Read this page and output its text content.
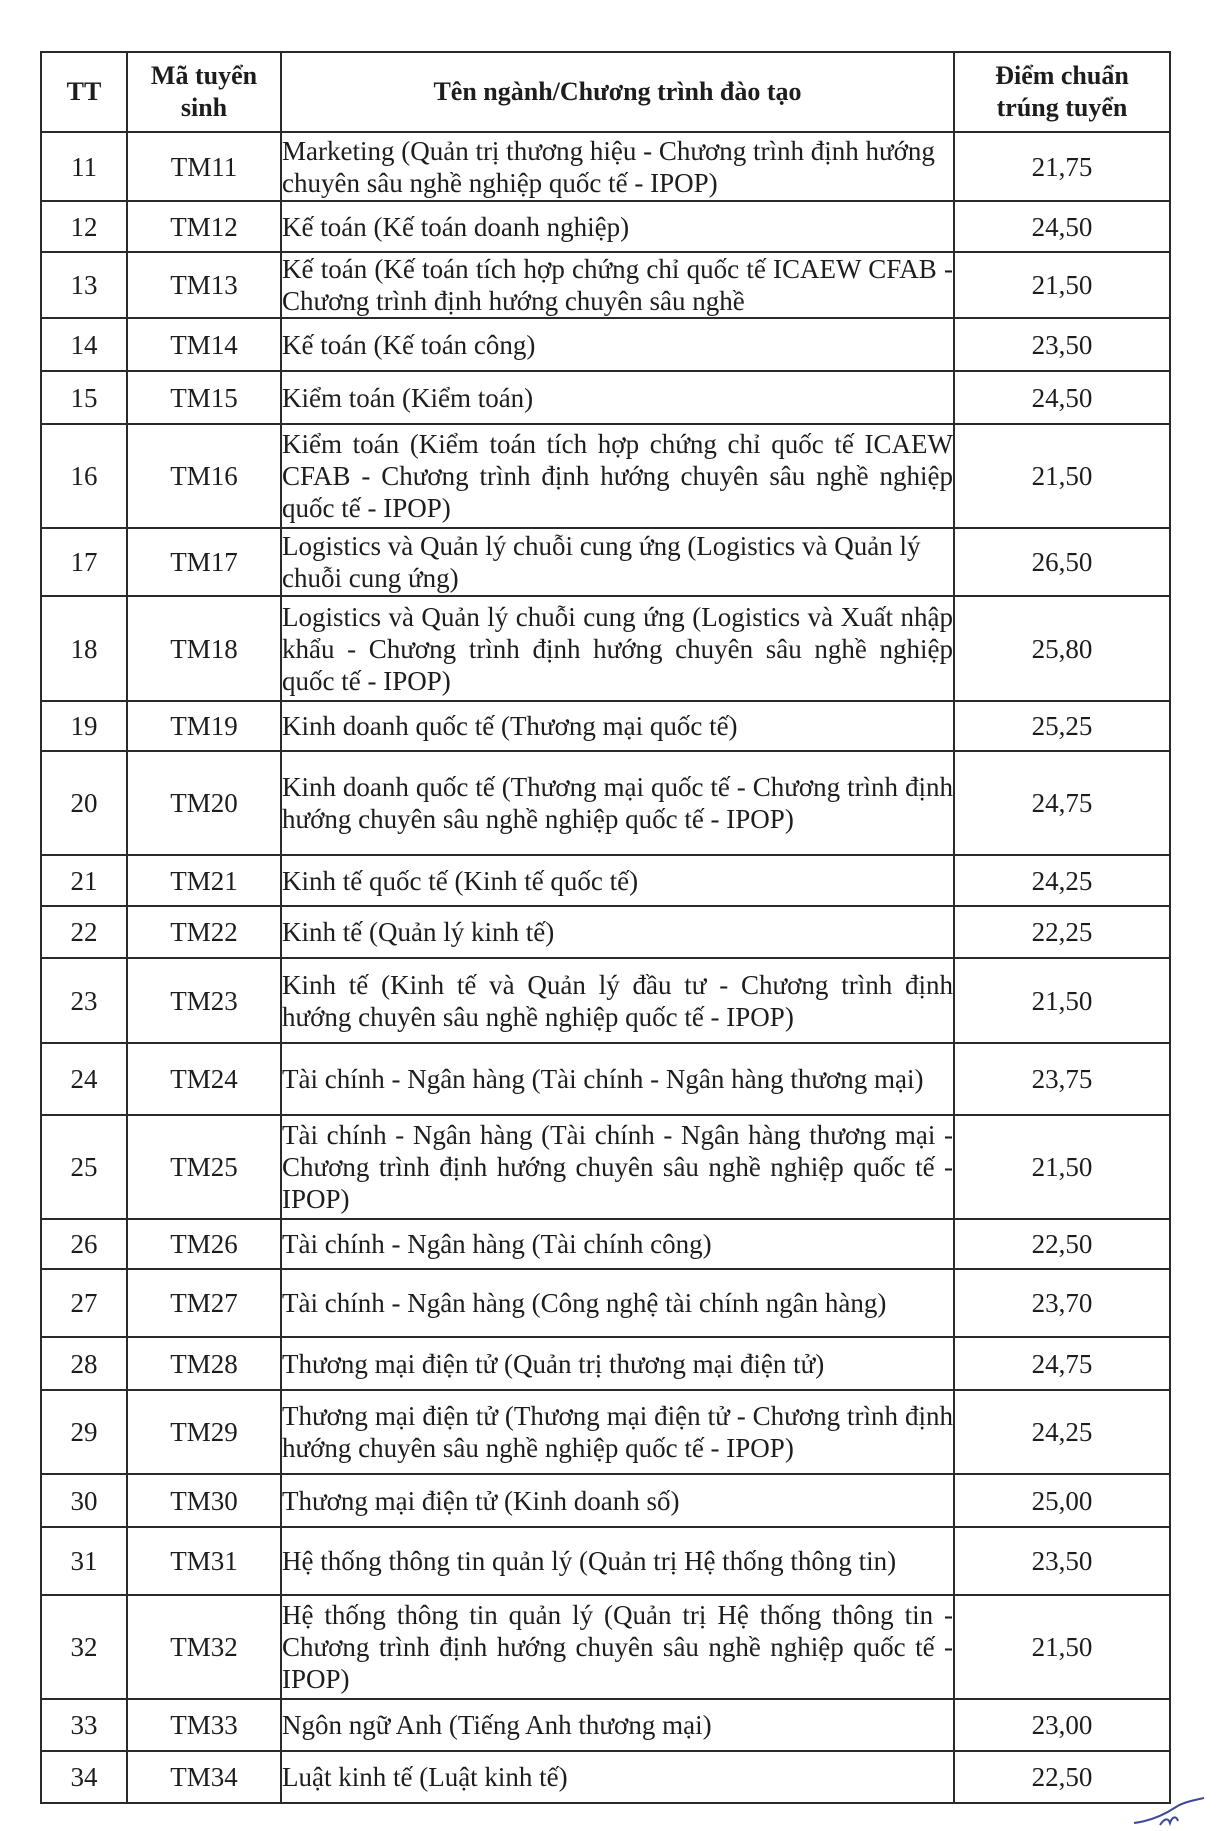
TT	Mã tuyển sinh	Tên ngành/Chương trình đào tạo	Điểm chuẩn trúng tuyển
11	TM11	Marketing (Quản trị thương hiệu - Chương trình định hướng chuyên sâu nghề nghiệp quốc tế - IPOP)	21,75
12	TM12	Kế toán (Kế toán doanh nghiệp)	24,50
13	TM13	Kế toán (Kế toán tích hợp chứng chỉ quốc tế ICAEW CFAB - Chương trình định hướng chuyên sâu nghề	21,50
14	TM14	Kế toán (Kế toán công)	23,50
15	TM15	Kiểm toán (Kiểm toán)	24,50
16	TM16	Kiểm toán (Kiểm toán tích hợp chứng chỉ quốc tế ICAEW CFAB - Chương trình định hướng chuyên sâu nghề nghiệp quốc tế - IPOP)	21,50
17	TM17	Logistics và Quản lý chuỗi cung ứng (Logistics và Quản lý chuỗi cung ứng)	26,50
18	TM18	Logistics và Quản lý chuỗi cung ứng (Logistics và Xuất nhập khẩu - Chương trình định hướng chuyên sâu nghề nghiệp quốc tế - IPOP)	25,80
19	TM19	Kinh doanh quốc tế (Thương mại quốc tế)	25,25
20	TM20	Kinh doanh quốc tế (Thương mại quốc tế - Chương trình định hướng chuyên sâu nghề nghiệp quốc tế - IPOP)	24,75
21	TM21	Kinh tế quốc tế (Kinh tế quốc tế)	24,25
22	TM22	Kinh tế (Quản lý kinh tế)	22,25
23	TM23	Kinh tế (Kinh tế và Quản lý đầu tư - Chương trình định hướng chuyên sâu nghề nghiệp quốc tế - IPOP)	21,50
24	TM24	Tài chính - Ngân hàng (Tài chính - Ngân hàng thương mại)	23,75
25	TM25	Tài chính - Ngân hàng (Tài chính - Ngân hàng thương mại - Chương trình định hướng chuyên sâu nghề nghiệp quốc tế - IPOP)	21,50
26	TM26	Tài chính - Ngân hàng (Tài chính công)	22,50
27	TM27	Tài chính - Ngân hàng (Công nghệ tài chính ngân hàng)	23,70
28	TM28	Thương mại điện tử (Quản trị thương mại điện tử)	24,75
29	TM29	Thương mại điện tử (Thương mại điện tử - Chương trình định hướng chuyên sâu nghề nghiệp quốc tế - IPOP)	24,25
30	TM30	Thương mại điện tử (Kinh doanh số)	25,00
31	TM31	Hệ thống thông tin quản lý (Quản trị Hệ thống thông tin)	23,50
32	TM32	Hệ thống thông tin quản lý (Quản trị Hệ thống thông tin - Chương trình định hướng chuyên sâu nghề nghiệp quốc tế - IPOP)	21,50
33	TM33	Ngôn ngữ Anh (Tiếng Anh thương mại)	23,00
34	TM34	Luật kinh tế (Luật kinh tế)	22,50
